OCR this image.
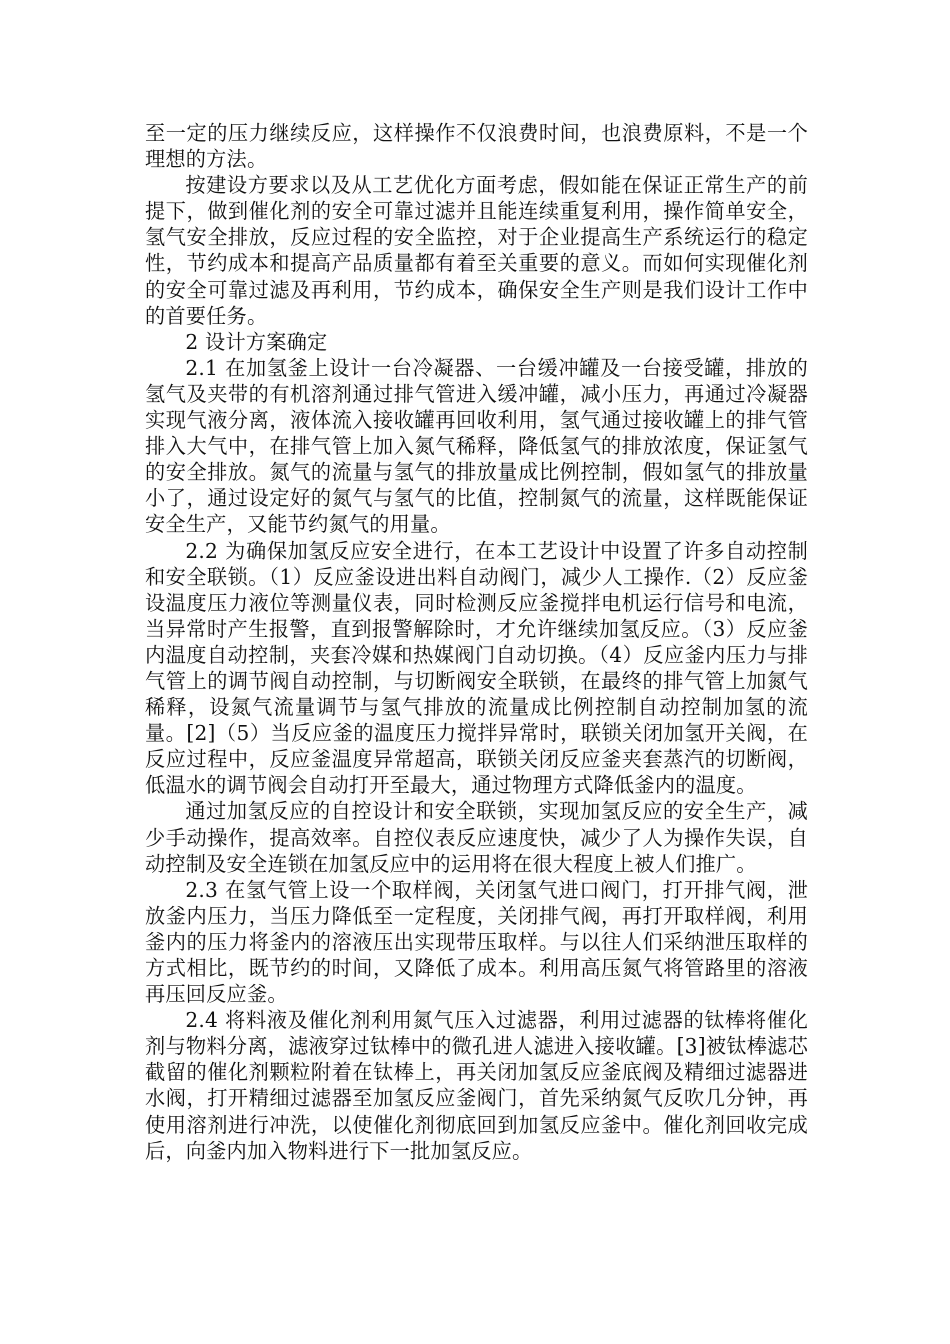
至一定的压力继续反应，这样操作不仅浪费时间，也浪费原料，不是一个理想的方法。

按建设方要求以及从工艺优化方面考虑，假如能在保证正常生产的前提下，做到催化剂的安全可靠过滤并且能连续重复利用，操作简单安全，氢气安全排放，反应过程的安全监控，对于企业提高生产系统运行的稳定性，节约成本和提高产品质量都有着至关重要的意义。而如何实现催化剂的安全可靠过滤及再利用，节约成本，确保安全生产则是我们设计工作中的首要任务。

2 设计方案确定

2.1 在加氢釜上设计一台冷凝器、一台缓冲罐及一台接受罐，排放的氢气及夹带的有机溶剂通过排气管进入缓冲罐，减小压力，再通过冷凝器实现气液分离，液体流入接收罐再回收利用，氢气通过接收罐上的排气管排入大气中，在排气管上加入氮气稀释，降低氢气的排放浓度，保证氢气的安全排放。氮气的流量与氢气的排放量成比例控制，假如氢气的排放量小了，通过设定好的氮气与氢气的比值，控制氮气的流量，这样既能保证安全生产，又能节约氮气的用量。

2.2 为确保加氢反应安全进行，在本工艺设计中设置了许多自动控制和安全联锁。（1）反应釜设进出料自动阀门，减少人工操作.（2）反应釜设温度压力液位等测量仪表，同时检测反应釜搅拌电机运行信号和电流，当异常时产生报警，直到报警解除时，才允许继续加氢反应。（3）反应釜内温度自动控制，夹套冷媒和热媒阀门自动切换。（4）反应釜内压力与排气管上的调节阀自动控制，与切断阀安全联锁，在最终的排气管上加氮气稀释，设氮气流量调节与氢气排放的流量成比例控制自动控制加氢的流量。[2]（5）当反应釜的温度压力搅拌异常时，联锁关闭加氢开关阀，在反应过程中，反应釜温度异常超高，联锁关闭反应釜夹套蒸汽的切断阀，低温水的调节阀会自动打开至最大，通过物理方式降低釜内的温度。

通过加氢反应的自控设计和安全联锁，实现加氢反应的安全生产，减少手动操作，提高效率。自控仪表反应速度快，减少了人为操作失误，自动控制及安全连锁在加氢反应中的运用将在很大程度上被人们推广。

2.3 在氢气管上设一个取样阀，关闭氢气进口阀门，打开排气阀，泄放釜内压力，当压力降低至一定程度，关闭排气阀，再打开取样阀，利用釜内的压力将釜内的溶液压出实现带压取样。与以往人们采纳泄压取样的方式相比，既节约的时间，又降低了成本。利用高压氮气将管路里的溶液再压回反应釜。

2.4 将料液及催化剂利用氮气压入过滤器，利用过滤器的钛棒将催化剂与物料分离，滤液穿过钛棒中的微孔进人滤进入接收罐。[3]被钛棒滤芯截留的催化剂颗粒附着在钛棒上，再关闭加氢反应釜底阀及精细过滤器进水阀，打开精细过滤器至加氢反应釜阀门，首先采纳氮气反吹几分钟，再使用溶剂进行冲洗，以使催化剂彻底回到加氢反应釜中。催化剂回收完成后，向釜内加入物料进行下一批加氢反应。
